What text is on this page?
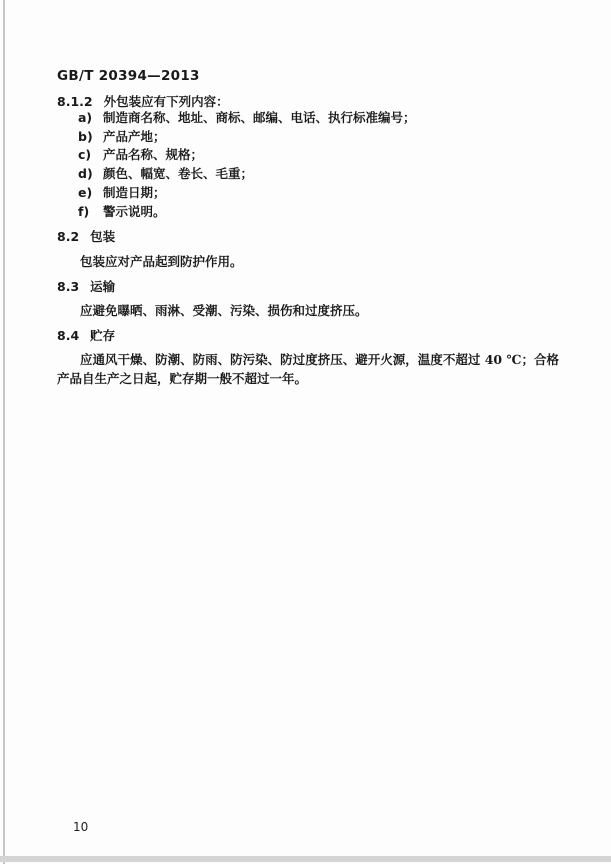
GB/T 20394—2013
8.1.2 外包装应有下列内容：
a) 制造商名称、地址、商标、邮编、电话、执行标准编号；
b) 产品产地；
c) 产品名称、规格；
d) 颜色、幅宽、卷长、毛重；
e) 制造日期；
f) 警示说明。
8.2 包装

包装应对产品起到防护作用。

8.3 运输

应避免曝晒、雨淋、受潮、污染、损伤和过度挤压。

8.4 贮存

应通风干燥、防潮、防雨、防污染、防过度挤压、避开火源，温度不超过 40 ℃；合格产品自生产之日起，贮存期一般不超过一年。

10
